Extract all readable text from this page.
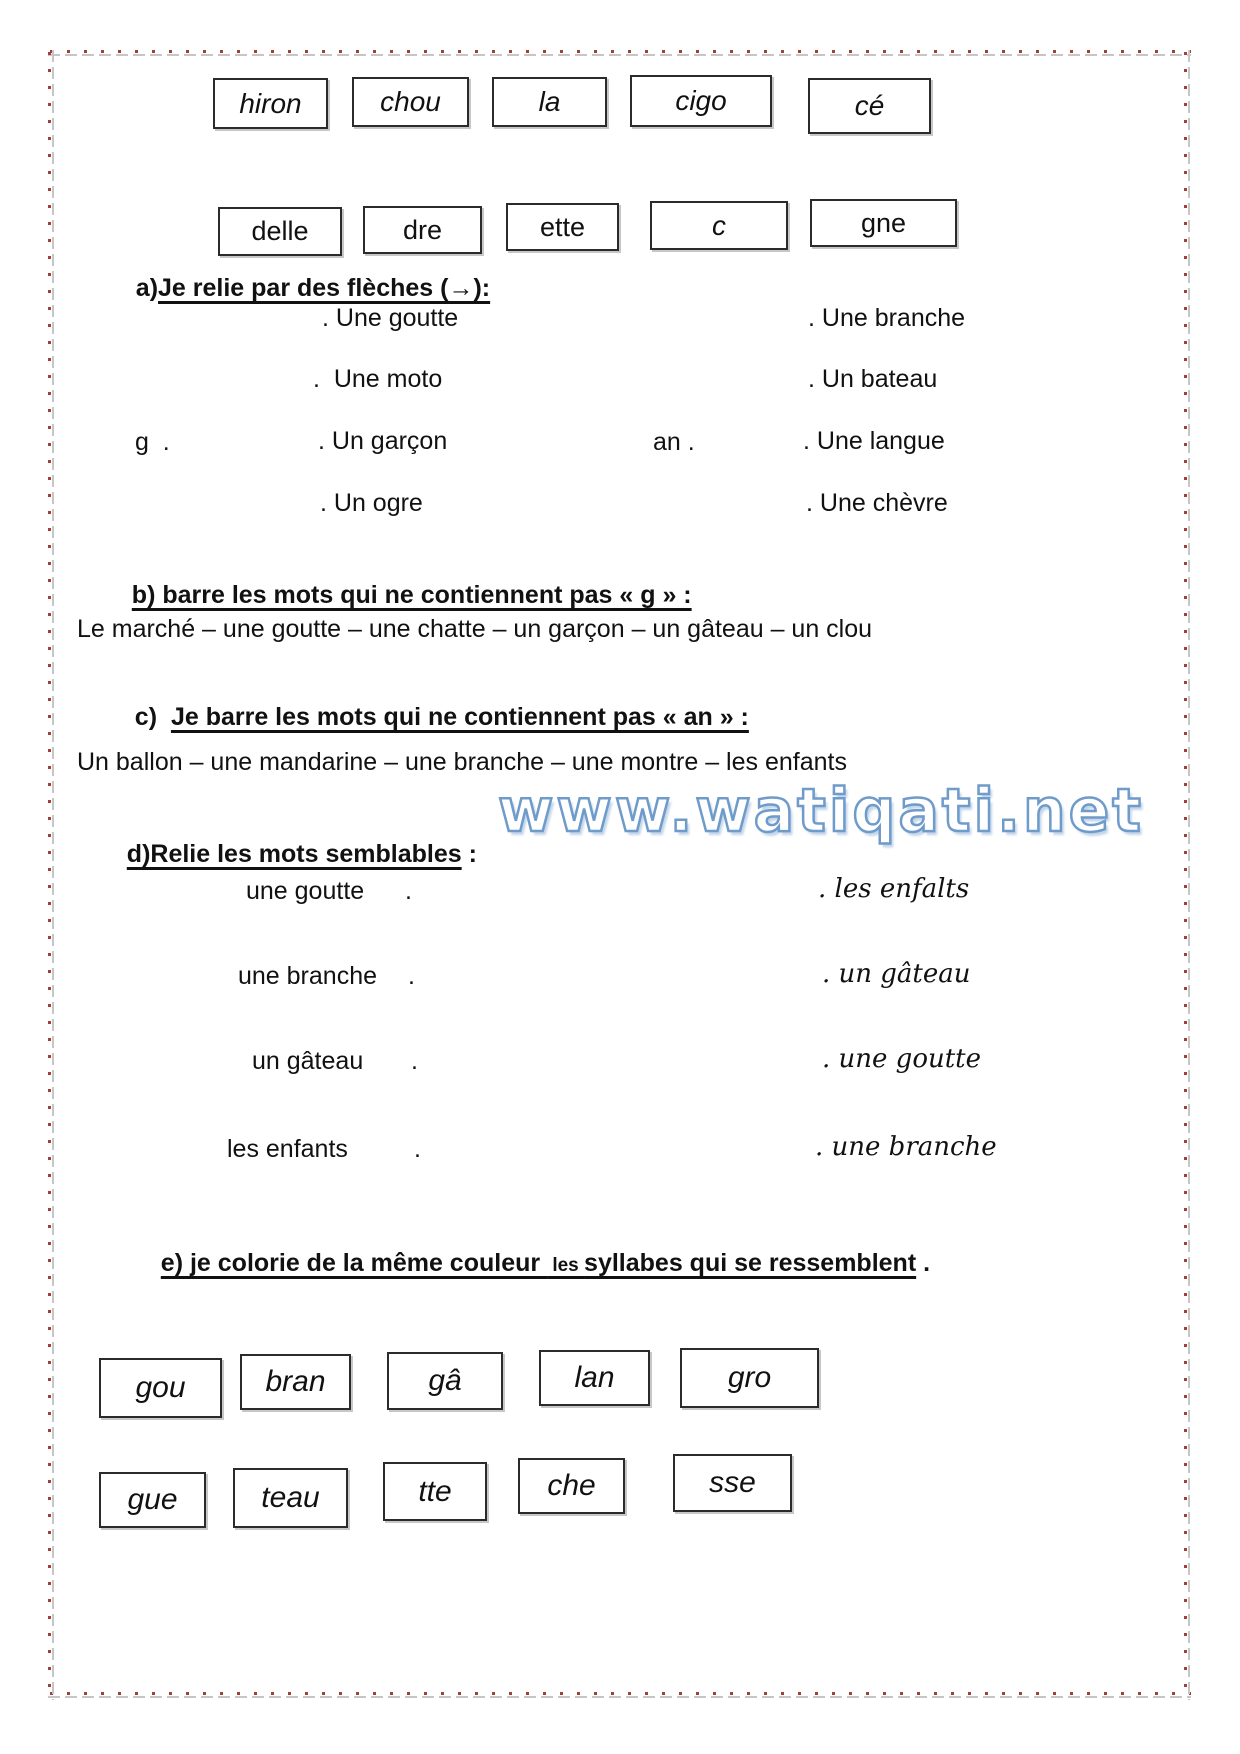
hiron	chou	la	cigo	cé
delle	dre	ette	c	gne

a)Je relie par des flèches (→):

g  .	an .
. Une goutte
.  Une moto
. Un garçon
. Un ogre
. Une branche
. Un bateau
. Une langue
. Une chèvre

b) barre les mots qui ne contiennent pas « g » :

Le marché – une goutte – une chatte – un garçon – un gâteau – un clou

c) Je barre les mots qui ne contiennent pas « an » :

Un ballon – une mandarine – une branche – une montre – les enfants
www.watiqati.net

d)Relie les mots semblables :

une goutte .
une branche .
un gâteau .
les enfants	.
. les enfalts
. un gâteau
. une goutte
. une branche

e) je colorie de la même couleur  les syllabes qui se ressemblent .

gou	bran	gâ	lan	gro
gue	teau	tte	che	sse
